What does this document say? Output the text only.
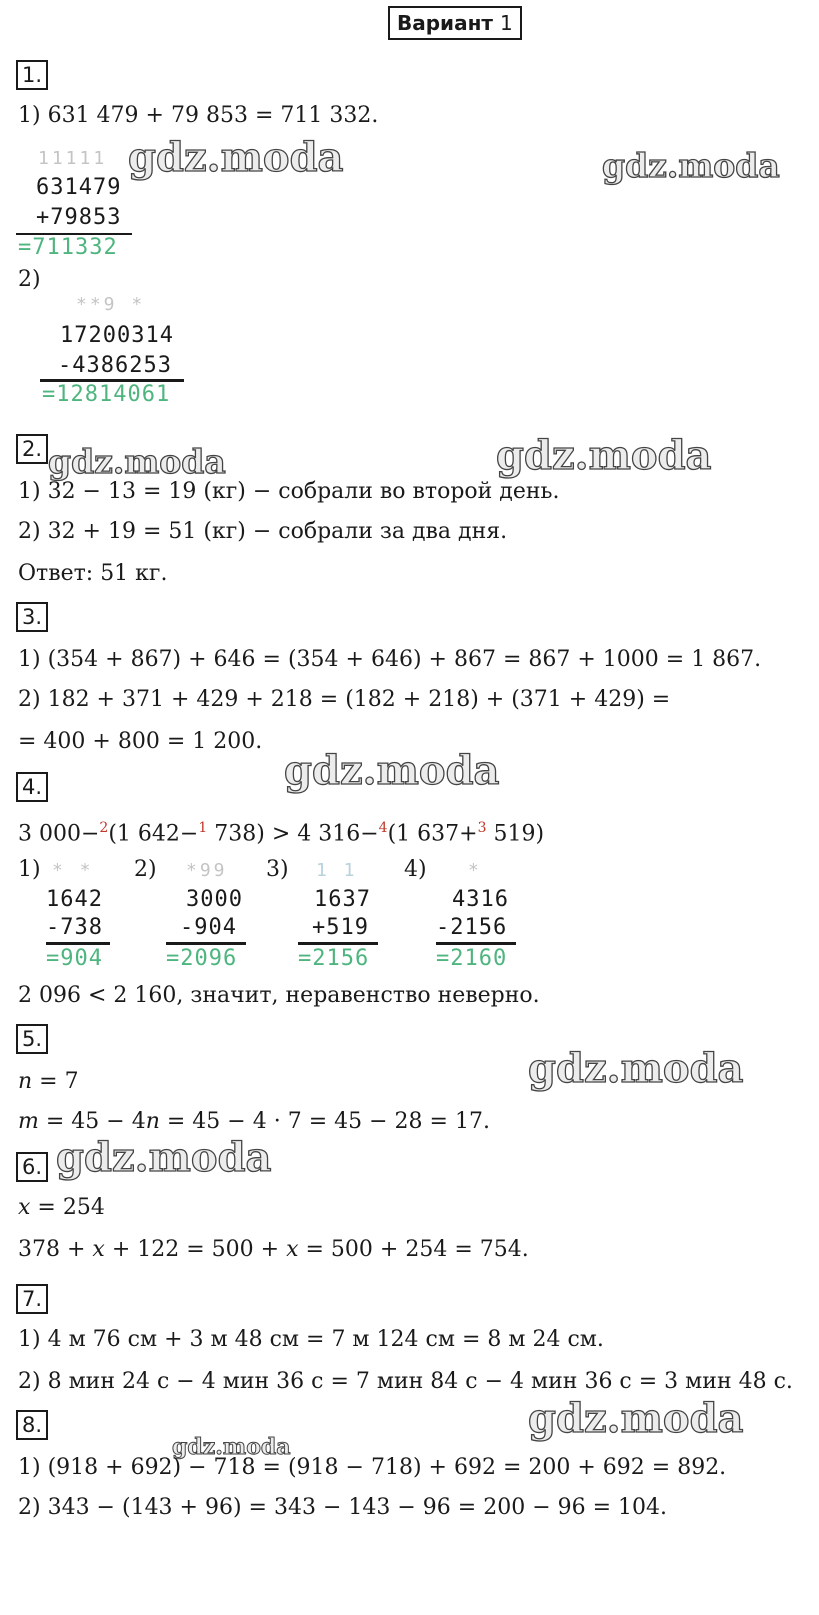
Вариант 1
gdz.moda	gdz.moda
gdz.moda	gdz.moda
gdz.moda
gdz.moda
gdz.moda
gdz.moda
gdz.moda
1.
1) 631 479 + 79 853 = 711 332.
11111
631479
+79853
=711332
2)
**9 *
17200314
-4386253
=12814061
2.
1) 32 − 13 = 19 (кг) − собрали во второй день.
2) 32 + 19 = 51 (кг) − собрали за два дня.
Ответ: 51 кг.
3.
1) (354 + 867) + 646 = (354 + 646) + 867 = 867 + 1000 = 1 867.
2) 182 + 371 + 429 + 218 = (182 + 218) + (371 + 429) =
= 400 + 800 = 1 200.
4.
3 000−$^2$(1 642−$^1$ 738) > 4 316−$^4$(1 637+$^3$ 519)
1) * *
1642
-738
=904
2) *99
3000
-904
=2096
3) 1 1
1637
+519
=2156
4) *
4316
-2156
=2160
2 096 < 2 160, значит, неравенство неверно.
5.
n = 7
m = 45 − 4n = 45 − 4 · 7 = 45 − 28 = 17.
6.
x = 254
378 + x + 122 = 500 + x = 500 + 254 = 754.
7.
1) 4 м 76 см + 3 м 48 см = 7 м 124 см = 8 м 24 см.
2) 8 мин 24 с − 4 мин 36 с = 7 мин 84 с − 4 мин 36 с = 3 мин 48 с.
8.
1) (918 + 692) − 718 = (918 − 718) + 692 = 200 + 692 = 892.
2) 343 − (143 + 96) = 343 − 143 − 96 = 200 − 96 = 104.
